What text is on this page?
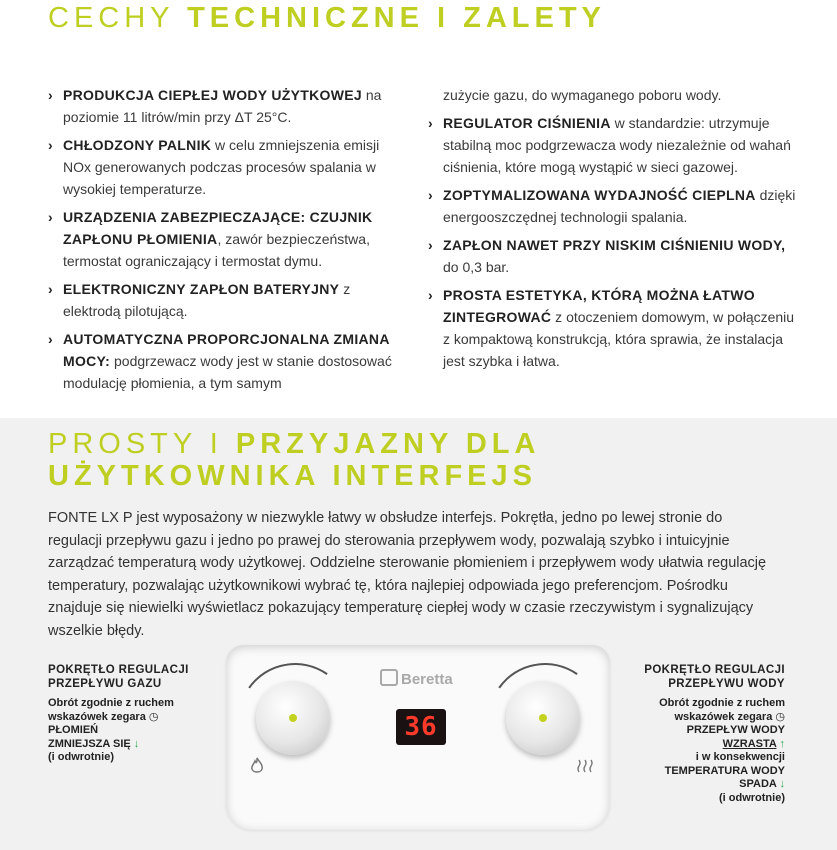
CECHY TECHNICZNE I ZALETY
› PRODUKCJA CIEPŁEJ WODY UŻYTKOWEJ na poziomie 11 litrów/min przy ΔT 25°C.
› CHŁODZONY PALNIK w celu zmniejszenia emisji NOx generowanych podczas procesów spalania w wysokiej temperaturze.
› URZĄDZENIA ZABEZPIECZAJĄCE: CZUJNIK ZAPŁONU PŁOMIENIA, zawór bezpieczeństwa, termostat ograniczający i termostat dymu.
› ELEKTRONICZNY ZAPŁON BATERYJNY z elektrodą pilotującą.
› AUTOMATYCZNA PROPORCJONALNA ZMIANA MOCY: podgrzewacz wody jest w stanie dostosować modulację płomienia, a tym samym
zużycie gazu, do wymaganego poboru wody.
› REGULATOR CIŚNIENIA w standardzie: utrzymuje stabilną moc podgrzewacza wody niezależnie od wahań ciśnienia, które mogą wystąpić w sieci gazowej.
› ZOPTYMALIZOWANA WYDAJNOŚĆ CIEPLNA dzięki energooszczędnej technologii spalania.
› ZAPŁON NAWET PRZY NISKIM CIŚNIENIU WODY, do 0,3 bar.
› PROSTA ESTETYKA, KTÓRĄ MOŻNA ŁATWO ZINTEGROWAĆ z otoczeniem domowym, w połączeniu z kompaktową konstrukcją, która sprawia, że instalacja jest szybka i łatwa.
PROSTY I PRZYJAZNY DLA
UŻYTKOWNIKA INTERFEJS
FONTE LX P jest wyposażony w niezwykle łatwy w obsłudze interfejs. Pokrętła, jedno po lewej stronie do regulacji przepływu gazu i jedno po prawej do sterowania przepływem wody, pozwalają szybko i intuicyjnie zarządzać temperaturą wody użytkowej. Oddzielne sterowanie płomieniem i przepływem wody ułatwia regulację temperatury, pozwalając użytkownikowi wybrać tę, która najlepiej odpowiada jego preferencjom. Pośrodku znajduje się niewielki wyświetlacz pokazujący temperaturę ciepłej wody w czasie rzeczywistym i sygnalizujący wszelkie błędy.
Beretta
36
POKRĘTŁO REGULACJI
PRZEPŁYWU GAZU
Obrót zgodnie z ruchem
wskazówek zegara ◷
PŁOMIEŃ
ZMNIEJSZA SIĘ ↓
(i odwrotnie)
POKRĘTŁO REGULACJI
PRZEPŁYWU WODY
Obrót zgodnie z ruchem
wskazówek zegara ◷
PRZEPŁYW WODY
WZRASTA ↑
i w konsekwencji
TEMPERATURA WODY
SPADA ↓
(i odwrotnie)
